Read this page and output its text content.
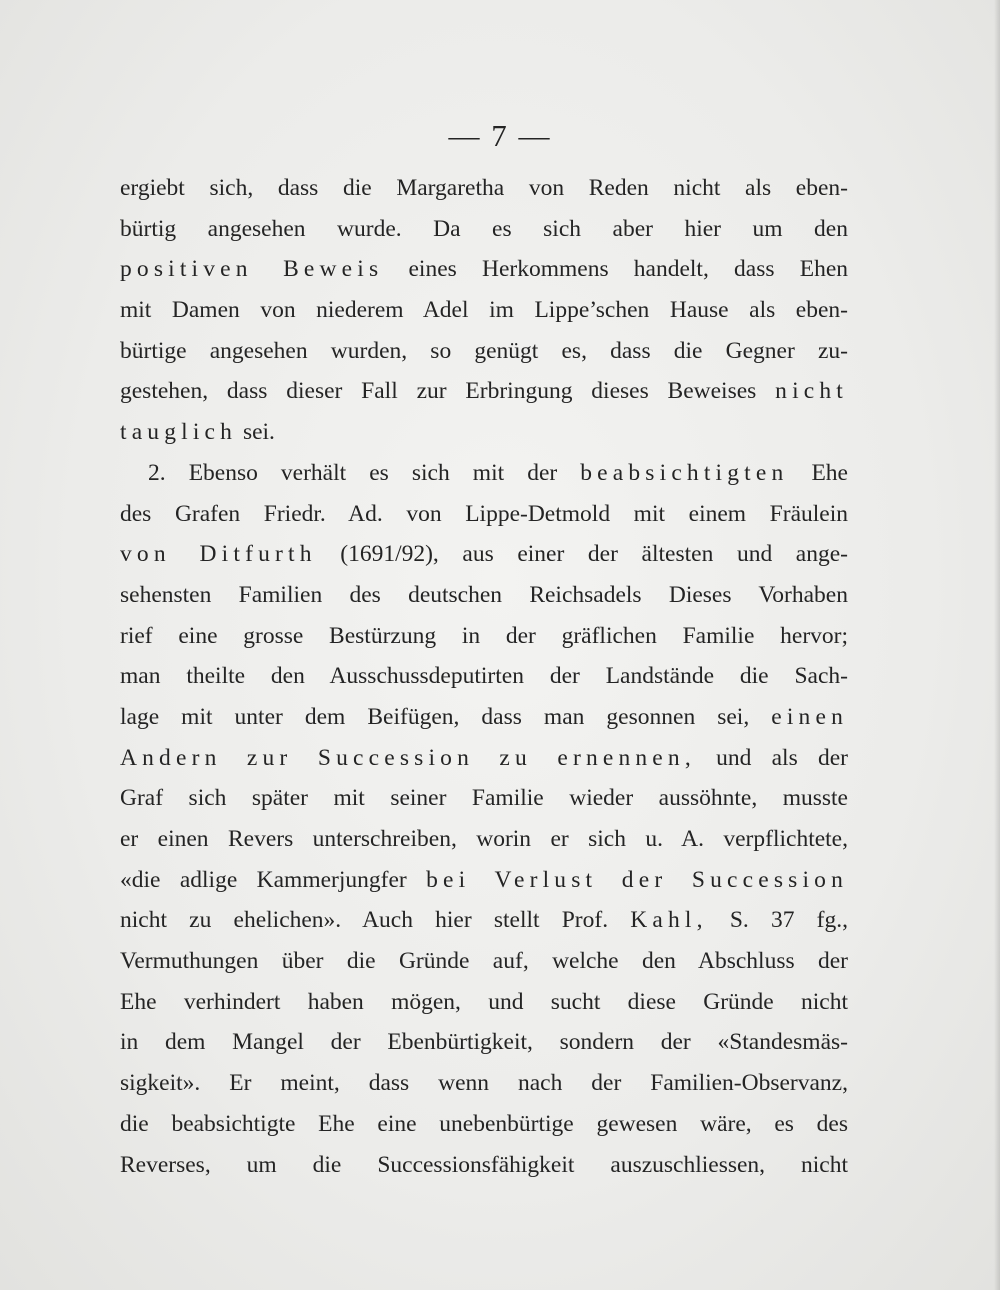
— 7 —
ergiebt sich, dass die Margaretha von Reden nicht als eben-
bürtig angesehen wurde. Da es sich aber hier um den
positiven Beweis eines Herkommens handelt, dass Ehen
mit Damen von niederem Adel im Lippe’schen Hause als eben-
bürtige angesehen wurden, so genügt es, dass die Gegner zu-
gestehen, dass dieser Fall zur Erbringung dieses Beweises nicht
tauglich sei.
2. Ebenso verhält es sich mit der beabsichtigten Ehe
des Grafen Friedr. Ad. von Lippe-Detmold mit einem Fräulein
von Ditfurth (1691/92), aus einer der ältesten und ange-
sehensten Familien des deutschen Reichsadels Dieses Vorhaben
rief eine grosse Bestürzung in der gräflichen Familie hervor;
man theilte den Ausschussdeputirten der Landstände die Sach-
lage mit unter dem Beifügen, dass man gesonnen sei, einen
Andern zur Succession zu ernennen, und als der
Graf sich später mit seiner Familie wieder aussöhnte, musste
er einen Revers unterschreiben, worin er sich u. A. verpflichtete,
«die adlige Kammerjungfer bei Verlust der Succession
nicht zu ehelichen». Auch hier stellt Prof. Kahl, S. 37 fg.,
Vermuthungen über die Gründe auf, welche den Abschluss der
Ehe verhindert haben mögen, und sucht diese Gründe nicht
in dem Mangel der Ebenbürtigkeit, sondern der «Standesmäs-
sigkeit». Er meint, dass wenn nach der Familien-Observanz,
die beabsichtigte Ehe eine unebenbürtige gewesen wäre, es des
Reverses, um die Successionsfähigkeit auszuschliessen, nicht
